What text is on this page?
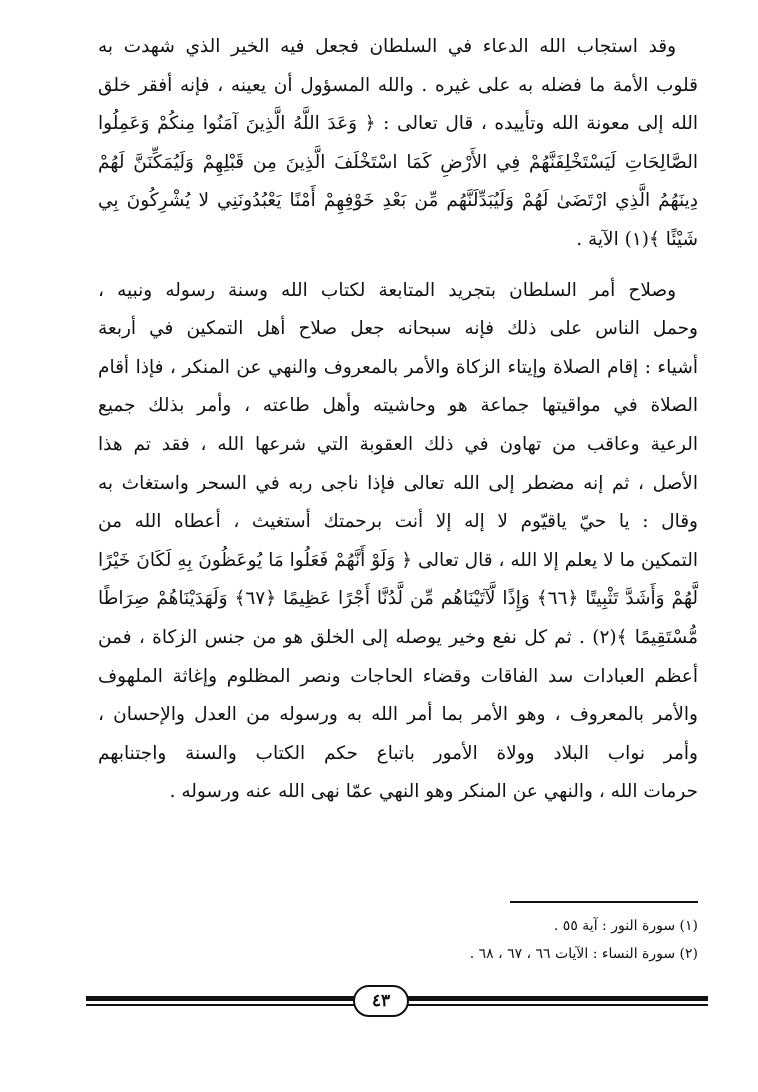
وقد استجاب الله الدعاء في السلطان فجعل فيه الخير الذي شهدت به
قلوب الأمة ما فضله به على غيره . والله المسؤول أن يعينه ، فإنه أفقر خلق
الله إلى معونة الله وتأييده ، قال تعالى : ﴿ وَعَدَ اللَّهُ الَّذِينَ آمَنُوا مِنكُمْ وَعَمِلُوا
الصَّالِحَاتِ لَيَسْتَخْلِفَنَّهُمْ فِي الأَرْضِ كَمَا اسْتَخْلَفَ الَّذِينَ مِن قَبْلِهِمْ وَلَيُمَكِّنَنَّ لَهُمْ
دِينَهُمُ الَّذِي ارْتَضَىٰ لَهُمْ وَلَيُبَدِّلَنَّهُم مِّن بَعْدِ خَوْفِهِمْ أَمْنًا يَعْبُدُونَنِي لا يُشْرِكُونَ بِي
شَيْئًا ﴾(١) الآية .
وصلاح أمر السلطان بتجريد المتابعة لكتاب الله وسنة رسوله ونبيه ،
وحمل الناس على ذلك فإنه سبحانه جعل صلاح أهل التمكين في أربعة
أشياء : إقام الصلاة وإيتاء الزكاة والأمر بالمعروف والنهي عن المنكر ، فإذا أقام
الصلاة في مواقيتها جماعة هو وحاشيته وأهل طاعته ، وأمر بذلك جميع
الرعية وعاقب من تهاون في ذلك العقوبة التي شرعها الله ، فقد تم هذا
الأصل ، ثم إنه مضطر إلى الله تعالى فإذا ناجى ربه في السحر واستغاث به
وقال : يا حيّ ياقيّوم لا إله إلا أنت برحمتك أستغيث ، أعطاه الله من
التمكين ما لا يعلم إلا الله ، قال تعالى ﴿ وَلَوْ أَنَّهُمْ فَعَلُوا مَا يُوعَظُونَ بِهِ لَكَانَ خَيْرًا
لَّهُمْ وَأَشَدَّ تَثْبِيتًا ﴿٦٦﴾ وَإِذًا لَّآتَيْنَاهُم مِّن لَّدُنَّا أَجْرًا عَظِيمًا ﴿٦٧﴾ وَلَهَدَيْنَاهُمْ صِرَاطًا
مُّسْتَقِيمًا ﴾(٢) . ثم كل نفع وخير يوصله إلى الخلق هو من جنس الزكاة ، فمن
أعظم العبادات سد الفاقات وقضاء الحاجات ونصر المظلوم وإغاثة الملهوف
والأمر بالمعروف ، وهو الأمر بما أمر الله به ورسوله من العدل والإحسان ،
وأمر نواب البلاد وولاة الأمور باتباع حكم الكتاب والسنة واجتنابهم
حرمات الله ، والنهي عن المنكر وهو النهي عمّا نهى الله عنه ورسوله .
(١) سورة النور : آية ٥٥ .
(٢) سورة النساء : الآيات ٦٦ ، ٦٧ ، ٦٨ .
٤٣
